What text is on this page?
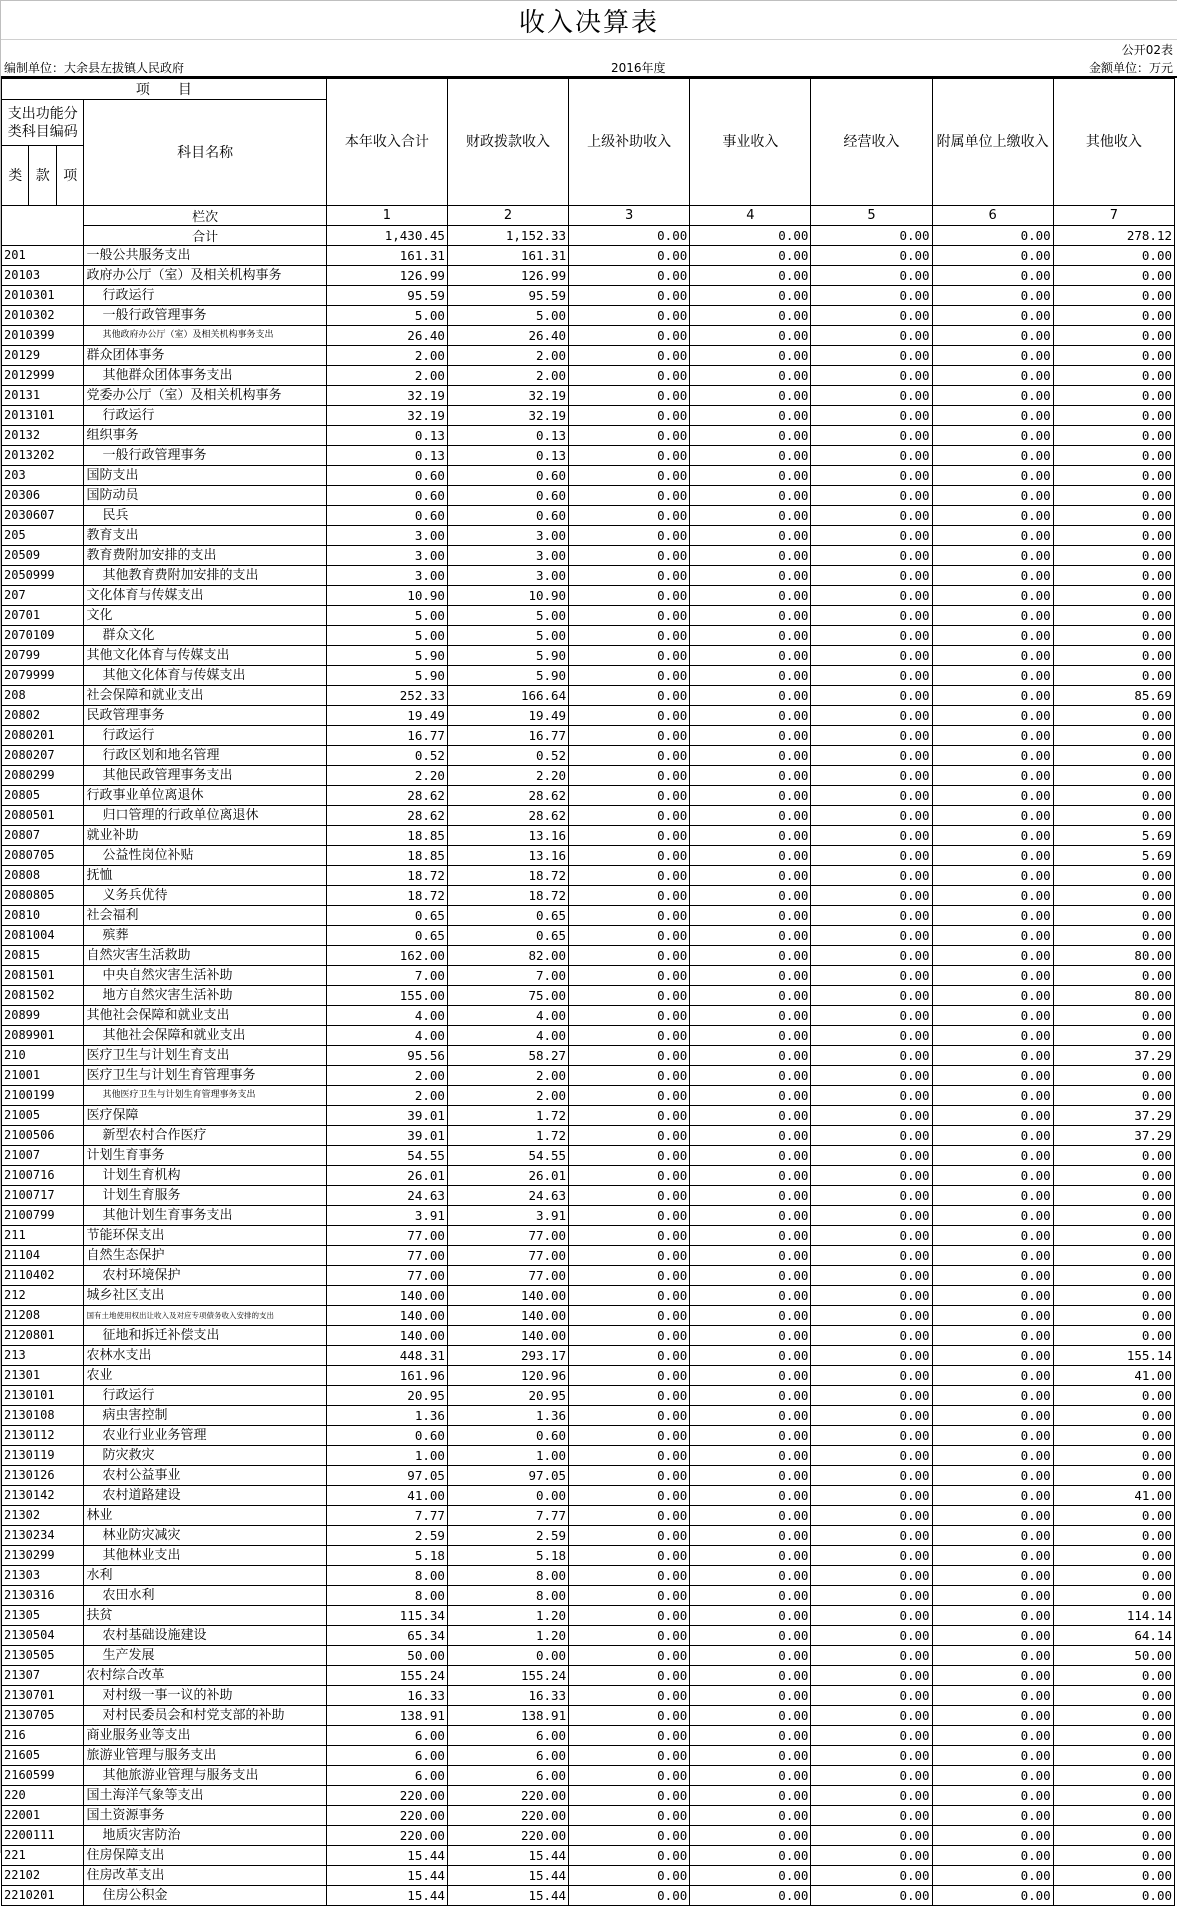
收入决算表
公开02表
编制单位：大余县左拔镇人民政府	2016年度	金额单位：万元
项　　目				本年收入合计	财政拨款收入	上级补助收入	事业收入	经营收入	附属单位上缴收入	其他收入
支出功能分类科目编码			科目名称							
类	款	项								
			栏次	1	2	3	4	5	6	7
			合计	1,430.45	1,152.33	0.00	0.00	0.00	0.00	278.12
201			一般公共服务支出	161.31	161.31	0.00	0.00	0.00	0.00	0.00
20103			政府办公厅（室）及相关机构事务	126.99	126.99	0.00	0.00	0.00	0.00	0.00
2010301			行政运行	95.59	95.59	0.00	0.00	0.00	0.00	0.00
2010302			一般行政管理事务	5.00	5.00	0.00	0.00	0.00	0.00	0.00
2010399			其他政府办公厅（室）及相关机构事务支出	26.40	26.40	0.00	0.00	0.00	0.00	0.00
20129			群众团体事务	2.00	2.00	0.00	0.00	0.00	0.00	0.00
2012999			其他群众团体事务支出	2.00	2.00	0.00	0.00	0.00	0.00	0.00
20131			党委办公厅（室）及相关机构事务	32.19	32.19	0.00	0.00	0.00	0.00	0.00
2013101			行政运行	32.19	32.19	0.00	0.00	0.00	0.00	0.00
20132			组织事务	0.13	0.13	0.00	0.00	0.00	0.00	0.00
2013202			一般行政管理事务	0.13	0.13	0.00	0.00	0.00	0.00	0.00
203			国防支出	0.60	0.60	0.00	0.00	0.00	0.00	0.00
20306			国防动员	0.60	0.60	0.00	0.00	0.00	0.00	0.00
2030607			民兵	0.60	0.60	0.00	0.00	0.00	0.00	0.00
205			教育支出	3.00	3.00	0.00	0.00	0.00	0.00	0.00
20509			教育费附加安排的支出	3.00	3.00	0.00	0.00	0.00	0.00	0.00
2050999			其他教育费附加安排的支出	3.00	3.00	0.00	0.00	0.00	0.00	0.00
207			文化体育与传媒支出	10.90	10.90	0.00	0.00	0.00	0.00	0.00
20701			文化	5.00	5.00	0.00	0.00	0.00	0.00	0.00
2070109			群众文化	5.00	5.00	0.00	0.00	0.00	0.00	0.00
20799			其他文化体育与传媒支出	5.90	5.90	0.00	0.00	0.00	0.00	0.00
2079999			其他文化体育与传媒支出	5.90	5.90	0.00	0.00	0.00	0.00	0.00
208			社会保障和就业支出	252.33	166.64	0.00	0.00	0.00	0.00	85.69
20802			民政管理事务	19.49	19.49	0.00	0.00	0.00	0.00	0.00
2080201			行政运行	16.77	16.77	0.00	0.00	0.00	0.00	0.00
2080207			行政区划和地名管理	0.52	0.52	0.00	0.00	0.00	0.00	0.00
2080299			其他民政管理事务支出	2.20	2.20	0.00	0.00	0.00	0.00	0.00
20805			行政事业单位离退休	28.62	28.62	0.00	0.00	0.00	0.00	0.00
2080501			归口管理的行政单位离退休	28.62	28.62	0.00	0.00	0.00	0.00	0.00
20807			就业补助	18.85	13.16	0.00	0.00	0.00	0.00	5.69
2080705			公益性岗位补贴	18.85	13.16	0.00	0.00	0.00	0.00	5.69
20808			抚恤	18.72	18.72	0.00	0.00	0.00	0.00	0.00
2080805			义务兵优待	18.72	18.72	0.00	0.00	0.00	0.00	0.00
20810			社会福利	0.65	0.65	0.00	0.00	0.00	0.00	0.00
2081004			殡葬	0.65	0.65	0.00	0.00	0.00	0.00	0.00
20815			自然灾害生活救助	162.00	82.00	0.00	0.00	0.00	0.00	80.00
2081501			中央自然灾害生活补助	7.00	7.00	0.00	0.00	0.00	0.00	0.00
2081502			地方自然灾害生活补助	155.00	75.00	0.00	0.00	0.00	0.00	80.00
20899			其他社会保障和就业支出	4.00	4.00	0.00	0.00	0.00	0.00	0.00
2089901			其他社会保障和就业支出	4.00	4.00	0.00	0.00	0.00	0.00	0.00
210			医疗卫生与计划生育支出	95.56	58.27	0.00	0.00	0.00	0.00	37.29
21001			医疗卫生与计划生育管理事务	2.00	2.00	0.00	0.00	0.00	0.00	0.00
2100199			其他医疗卫生与计划生育管理事务支出	2.00	2.00	0.00	0.00	0.00	0.00	0.00
21005			医疗保障	39.01	1.72	0.00	0.00	0.00	0.00	37.29
2100506			新型农村合作医疗	39.01	1.72	0.00	0.00	0.00	0.00	37.29
21007			计划生育事务	54.55	54.55	0.00	0.00	0.00	0.00	0.00
2100716			计划生育机构	26.01	26.01	0.00	0.00	0.00	0.00	0.00
2100717			计划生育服务	24.63	24.63	0.00	0.00	0.00	0.00	0.00
2100799			其他计划生育事务支出	3.91	3.91	0.00	0.00	0.00	0.00	0.00
211			节能环保支出	77.00	77.00	0.00	0.00	0.00	0.00	0.00
21104			自然生态保护	77.00	77.00	0.00	0.00	0.00	0.00	0.00
2110402			农村环境保护	77.00	77.00	0.00	0.00	0.00	0.00	0.00
212			城乡社区支出	140.00	140.00	0.00	0.00	0.00	0.00	0.00
21208			国有土地使用权出让收入及对应专项债务收入安排的支出	140.00	140.00	0.00	0.00	0.00	0.00	0.00
2120801			征地和拆迁补偿支出	140.00	140.00	0.00	0.00	0.00	0.00	0.00
213			农林水支出	448.31	293.17	0.00	0.00	0.00	0.00	155.14
21301			农业	161.96	120.96	0.00	0.00	0.00	0.00	41.00
2130101			行政运行	20.95	20.95	0.00	0.00	0.00	0.00	0.00
2130108			病虫害控制	1.36	1.36	0.00	0.00	0.00	0.00	0.00
2130112			农业行业业务管理	0.60	0.60	0.00	0.00	0.00	0.00	0.00
2130119			防灾救灾	1.00	1.00	0.00	0.00	0.00	0.00	0.00
2130126			农村公益事业	97.05	97.05	0.00	0.00	0.00	0.00	0.00
2130142			农村道路建设	41.00	0.00	0.00	0.00	0.00	0.00	41.00
21302			林业	7.77	7.77	0.00	0.00	0.00	0.00	0.00
2130234			林业防灾减灾	2.59	2.59	0.00	0.00	0.00	0.00	0.00
2130299			其他林业支出	5.18	5.18	0.00	0.00	0.00	0.00	0.00
21303			水利	8.00	8.00	0.00	0.00	0.00	0.00	0.00
2130316			农田水利	8.00	8.00	0.00	0.00	0.00	0.00	0.00
21305			扶贫	115.34	1.20	0.00	0.00	0.00	0.00	114.14
2130504			农村基础设施建设	65.34	1.20	0.00	0.00	0.00	0.00	64.14
2130505			生产发展	50.00	0.00	0.00	0.00	0.00	0.00	50.00
21307			农村综合改革	155.24	155.24	0.00	0.00	0.00	0.00	0.00
2130701			对村级一事一议的补助	16.33	16.33	0.00	0.00	0.00	0.00	0.00
2130705			对村民委员会和村党支部的补助	138.91	138.91	0.00	0.00	0.00	0.00	0.00
216			商业服务业等支出	6.00	6.00	0.00	0.00	0.00	0.00	0.00
21605			旅游业管理与服务支出	6.00	6.00	0.00	0.00	0.00	0.00	0.00
2160599			其他旅游业管理与服务支出	6.00	6.00	0.00	0.00	0.00	0.00	0.00
220			国土海洋气象等支出	220.00	220.00	0.00	0.00	0.00	0.00	0.00
22001			国土资源事务	220.00	220.00	0.00	0.00	0.00	0.00	0.00
2200111			地质灾害防治	220.00	220.00	0.00	0.00	0.00	0.00	0.00
221			住房保障支出	15.44	15.44	0.00	0.00	0.00	0.00	0.00
22102			住房改革支出	15.44	15.44	0.00	0.00	0.00	0.00	0.00
2210201			住房公积金	15.44	15.44	0.00	0.00	0.00	0.00	0.00
